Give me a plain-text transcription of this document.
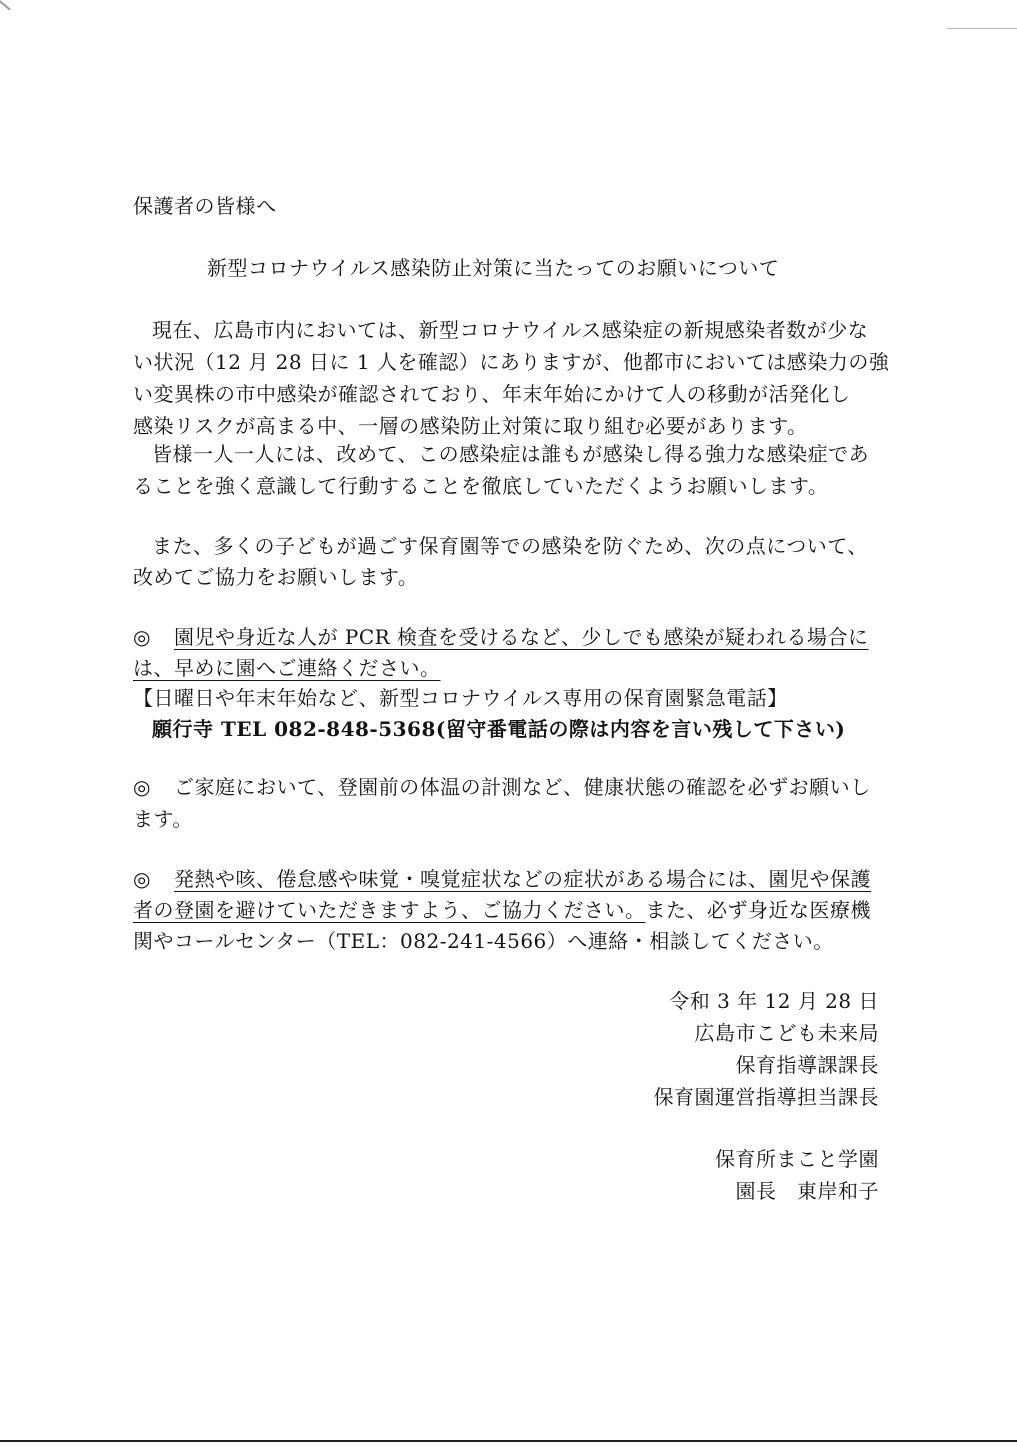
保護者の皆様へ
新型コロナウイルス感染防止対策に当たってのお願いについて
現在、広島市内においては、新型コロナウイルス感染症の新規感染者数が少な
い状況（12 月 28 日に 1 人を確認）にありますが、他都市においては感染力の強
い変異株の市中感染が確認されており、年末年始にかけて人の移動が活発化し
感染リスクが高まる中、一層の感染防止対策に取り組む必要があります。
皆様一人一人には、改めて、この感染症は誰もが感染し得る強力な感染症であ
ることを強く意識して行動することを徹底していただくようお願いします。
また、多くの子どもが過ごす保育園等での感染を防ぐため、次の点について、
改めてご協力をお願いします。
◎ 園児や身近な人が PCR 検査を受けるなど、少しでも感染が疑われる場合に
は、早めに園へご連絡ください。
【日曜日や年末年始など、新型コロナウイルス専用の保育園緊急電話】
願行寺 TEL 082-848-5368(留守番電話の際は内容を言い残して下さい)
◎ ご家庭において、登園前の体温の計測など、健康状態の確認を必ずお願いし
ます。
◎ 発熱や咳、倦怠感や味覚・嗅覚症状などの症状がある場合には、園児や保護
者の登園を避けていただきますよう、ご協力ください。また、必ず身近な医療機
関やコールセンター（TEL：082-241-4566）へ連絡・相談してください。
令和 3 年 12 月 28 日
広島市こども未来局
保育指導課課長
保育園運営指導担当課長
保育所まこと学園
園長　東岸和子
